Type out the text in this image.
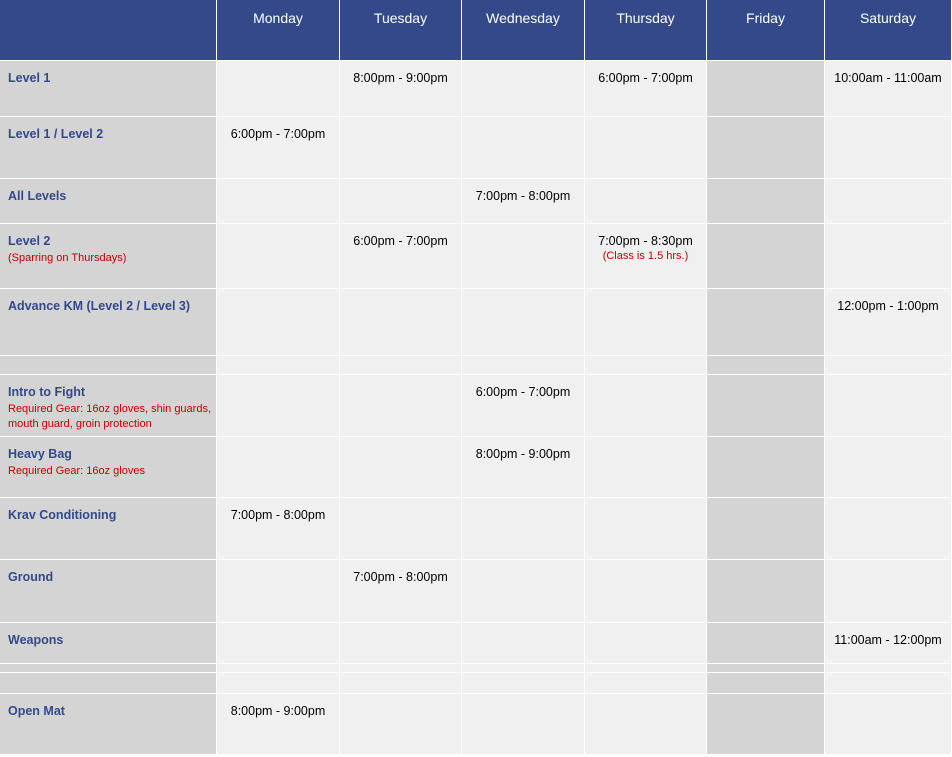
	Monday	Tuesday	Wednesday	Thursday	Friday	Saturday

Level 1		8:00pm - 9:00pm		6:00pm - 7:00pm		10:00am - 11:00am

Level 1 / Level 2	6:00pm - 7:00pm					

All Levels			7:00pm - 8:00pm			

Level 2
(Sparring on Thursdays)		6:00pm - 7:00pm		7:00pm - 8:30pm
(Class is 1.5 hrs.)		

Advance KM (Level 2 / Level 3)						12:00pm - 1:00pm

Intro to Fight
Required Gear: 16oz gloves, shin guards, mouth guard, groin protection			6:00pm - 7:00pm			

Heavy Bag
Required Gear: 16oz gloves			8:00pm - 9:00pm			

Krav Conditioning	7:00pm - 8:00pm					

Ground		7:00pm - 8:00pm				

Weapons						11:00am - 12:00pm

Open Mat	8:00pm - 9:00pm					
